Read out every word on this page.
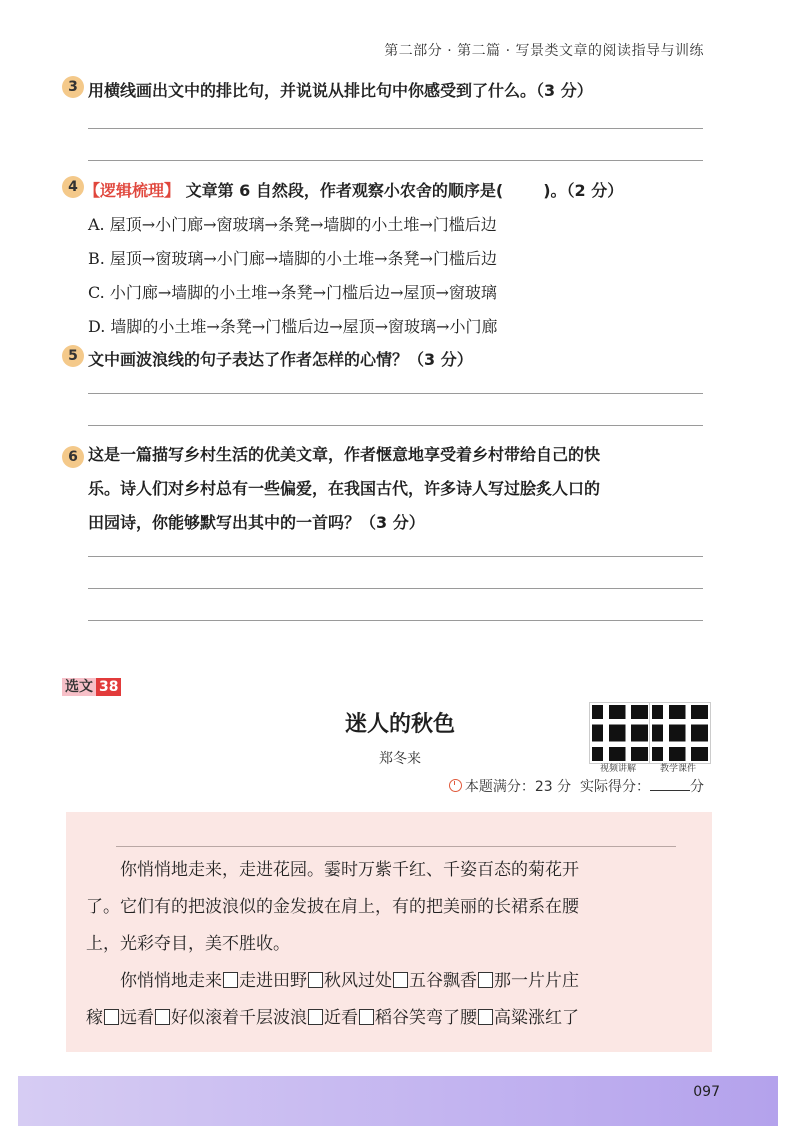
第二部分 · 第二篇 · 写景类文章的阅读指导与训练
3 用横线画出文中的排比句，并说说从排比句中你感受到了什么。（3 分）
4 【逻辑梳理】 文章第 6 自然段，作者观察小农舍的顺序是(	)。（2 分）
A. 屋顶→小门廊→窗玻璃→条凳→墙脚的小土堆→门槛后边
B. 屋顶→窗玻璃→小门廊→墙脚的小土堆→条凳→门槛后边
C. 小门廊→墙脚的小土堆→条凳→门槛后边→屋顶→窗玻璃
D. 墙脚的小土堆→条凳→门槛后边→屋顶→窗玻璃→小门廊
5 文中画波浪线的句子表达了作者怎样的心情？（3 分）
6 这是一篇描写乡村生活的优美文章，作者惬意地享受着乡村带给自己的快
乐。诗人们对乡村总有一些偏爱，在我国古代，许多诗人写过脍炙人口的
田园诗，你能够默写出其中的一首吗？（3 分）
选文 38
迷人的秋色
郑冬来
视频讲解	教学课件
本题满分：23 分 实际得分：	分

你悄悄地走来，走进花园。霎时万紫千红、千姿百态的菊花开
了。它们有的把波浪似的金发披在肩上，有的把美丽的长裙系在腰
上，光彩夺目，美不胜收。

你悄悄地走来 走进田野 秋风过处 五谷飘香 那一片片庄

稼 远看 好似滚着千层波浪 近看 稻谷笑弯了腰 高粱涨红了
097
